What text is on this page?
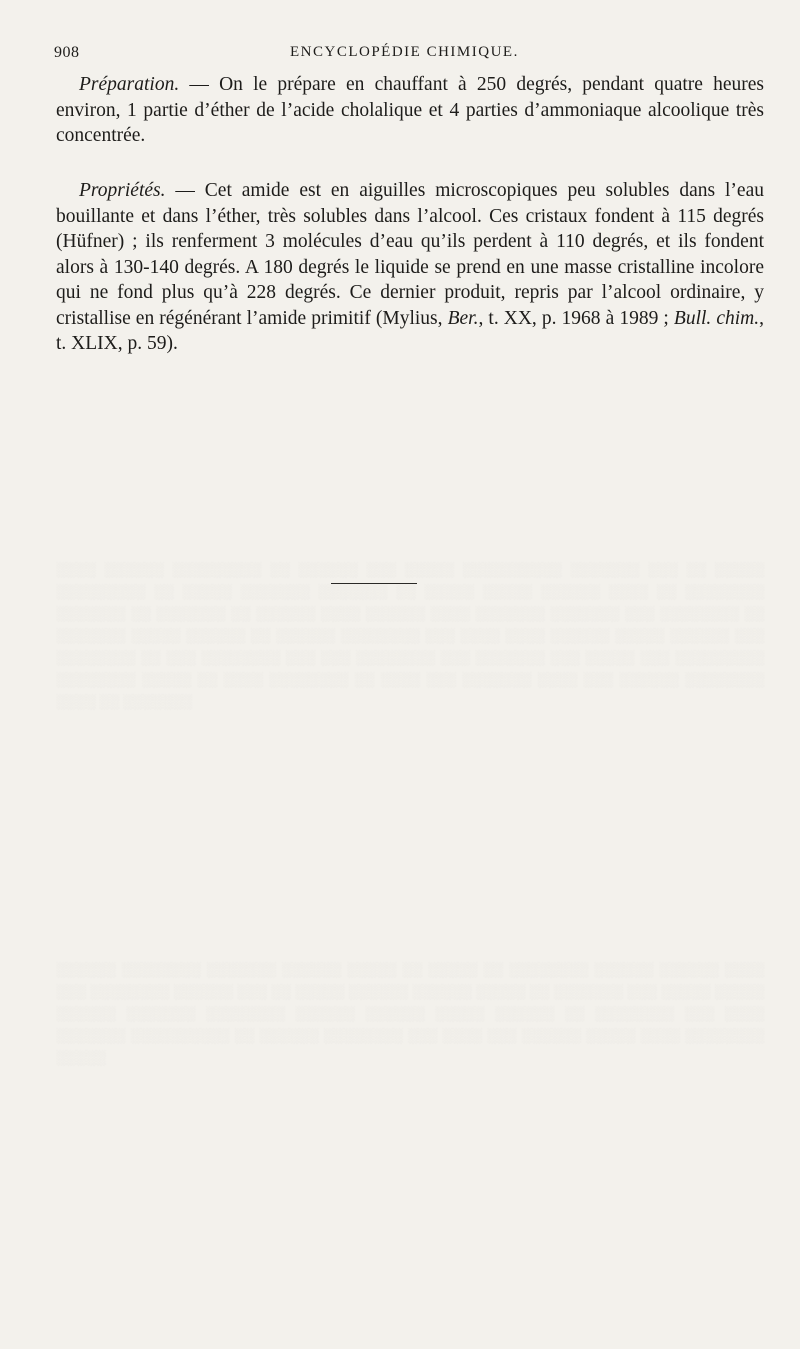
░░░░ ░░░░░░ ░░░░░░░░░ ░░ ░░░░░░ ░░░ ░░░░░ ░░░░░░░░░░ ░░░░░░░ ░░░ ░░ ░░░░░ ░░░░░░░░░ ░░ ░░░░░ ░░░░░░░ ░░░░░░░ ░░ ░░░░░ ░░░░░ ░░░░░░ ░░░░ ░░ ░░░░░░░░ ░░░░░░░ ░░ ░░░░░░░ ░░ ░░░░░░ ░░░░ ░░░░░░ ░░░░ ░░░░░░░ ░░░░░░░ ░░░ ░░░░░░░░ ░░ ░░░░░░░ ░░░░░ ░░░░░░ ░░ ░░░░░░ ░░░░░░░░ ░░░ ░░░░ ░░░░ ░░░░░░ ░░░░░ ░░░░░░ ░░░ ░░░░░░░░ ░░ ░░░ ░░░░░░░░ ░░░ ░░░ ░░░░░░░░ ░░░ ░░░░░░░ ░░░ ░░░░░ ░░░ ░░░░░░░░░ ░░░░░░░░ ░░░░░ ░░ ░░░░ ░░░░░░░░ ░░ ░░░░ ░░░ ░░░░░░░ ░░░░ ░░░ ░░░░░░ ░░░░░░░░ ░░░░ ░░ ░░░░░░░
░░░░░░ ░░░░░░░░ ░░░░░░░ ░░░░░░ ░░░░░ ░░ ░░░░░ ░░ ░░░░░░░░ ░░░░░░ ░░░░░░ ░░░░ ░░░ ░░░░░░░░ ░░░░░░ ░░░ ░░ ░░░░░ ░░░░░░ ░░░░░░ ░░░░░ ░░ ░░░░░░░ ░░░ ░░░░░ ░░░░░ ░░░░░░ ░░░░░░░ ░░░░░░░░ ░░░░░░ ░░░░░░ ░░░░░ ░░░░░░ ░░ ░░░░░░░░ ░░░ ░░░░ ░░░░░░░ ░░░░░░░░░░ ░░ ░░░░░░ ░░░░░░░░ ░░░ ░░░░ ░░░ ░░░░░░ ░░░░░ ░░░░ ░░░░░░░░ ░░░░░
908	ENCYCLOPÉDIE CHIMIQUE.

Préparation. — On le prépare en chauffant à 250 degrés, pendant quatre heures environ, 1 partie d’éther de l’acide cholalique et 4 parties d’ammoniaque alcoolique très concentrée.

Propriétés. — Cet amide est en aiguilles microscopiques peu solubles dans l’eau bouillante et dans l’éther, très solubles dans l’alcool. Ces cristaux fondent à 115 degrés (Hüfner) ; ils renferment 3 molécules d’eau qu’ils perdent à 110 degrés, et ils fondent alors à 130-140 degrés. A 180 degrés le liquide se prend en une masse cristalline incolore qui ne fond plus qu’à 228 degrés. Ce dernier produit, repris par l’alcool ordinaire, y cristallise en régénérant l’amide primitif (Mylius, Ber., t. XX, p. 1968 à 1989 ; Bull. chim., t. XLIX, p. 59).
